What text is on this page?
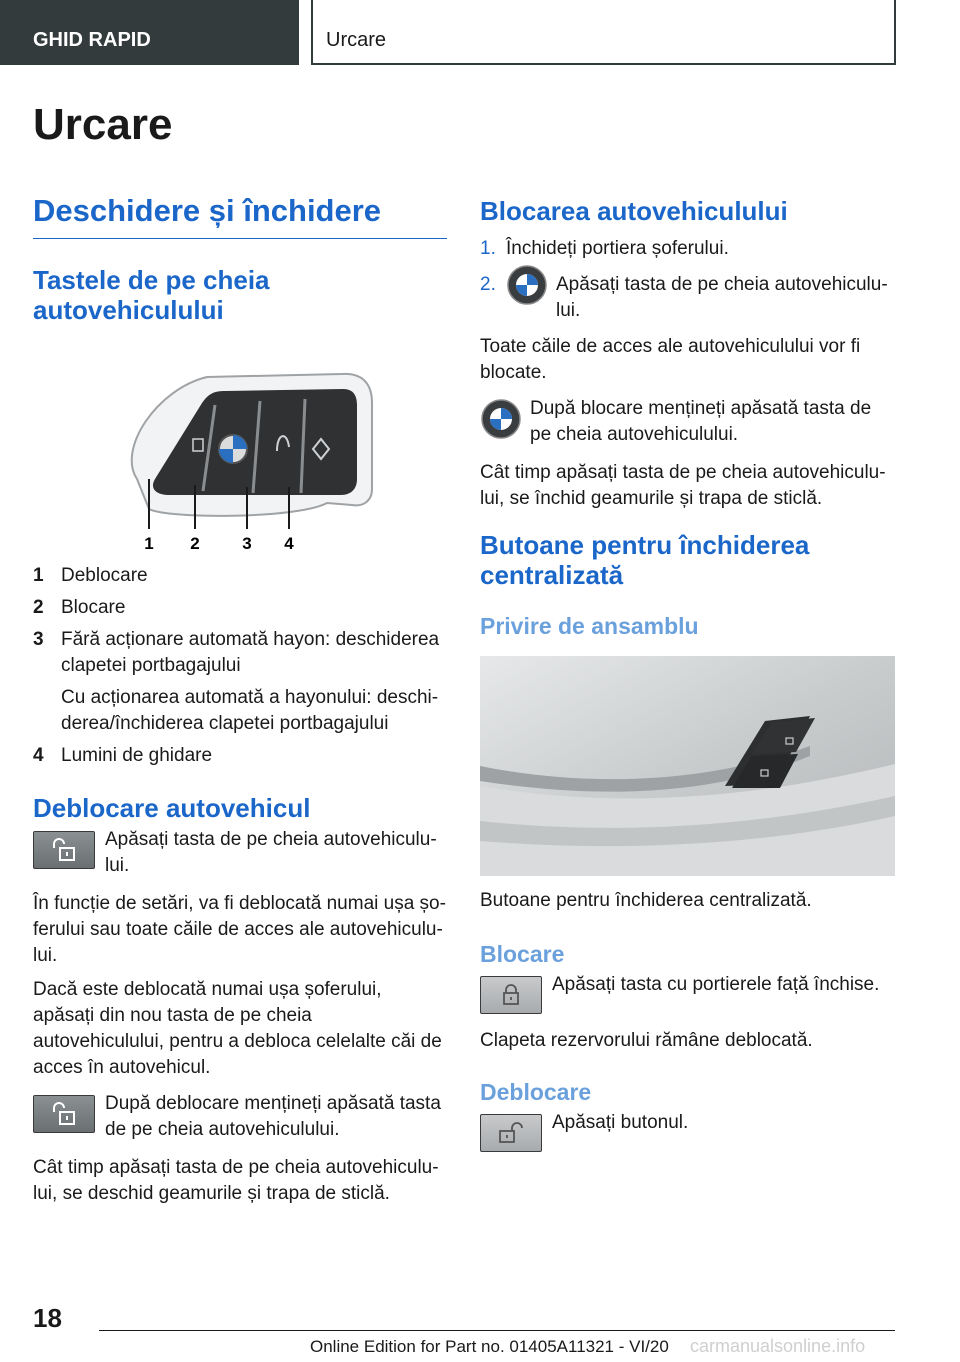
GHID RAPID	Urcare
Urcare
Deschidere și închidere
Tastele de pe cheia autovehiculului
1 2	3 4
1 Deblocare
2 Blocare
3 Fără acționare automată hayon: deschiderea clapetei portbagajului
Cu acționarea automată a hayonului: deschi-derea/închiderea clapetei portbagajului
4 Lumini de ghidare
Deblocare autovehicul
Apăsați tasta de pe cheia autovehiculu-lui.
În funcție de setări, va fi deblocată numai ușa șo-ferului sau toate căile de acces ale autovehiculu-lui.
Dacă este deblocată numai ușa șoferului, apăsați din nou tasta de pe cheia autovehiculului, pentru a debloca celelalte căi de acces în autovehicul.
După deblocare mențineți apăsată tasta de pe cheia autovehiculului.
Cât timp apăsați tasta de pe cheia autovehiculu-lui, se deschid geamurile și trapa de sticlă.
Blocarea autovehiculului
1. Închideți portiera șoferului.
2.	Apăsați tasta de pe cheia autovehiculu-lui.
Toate căile de acces ale autovehiculului vor fi blocate.
După blocare mențineți apăsată tasta de pe cheia autovehiculului.
Cât timp apăsați tasta de pe cheia autovehiculu-lui, se închid geamurile și trapa de sticlă.
Butoane pentru închiderea centralizată
Privire de ansamblu
Butoane pentru închiderea centralizată.
Blocare
Apăsați tasta cu portierele față închise.
Clapeta rezervorului rămâne deblocată.
Deblocare
Apăsați butonul.
18
Online Edition for Part no. 01405A11321 - VI/20 carmanualsonline.info
